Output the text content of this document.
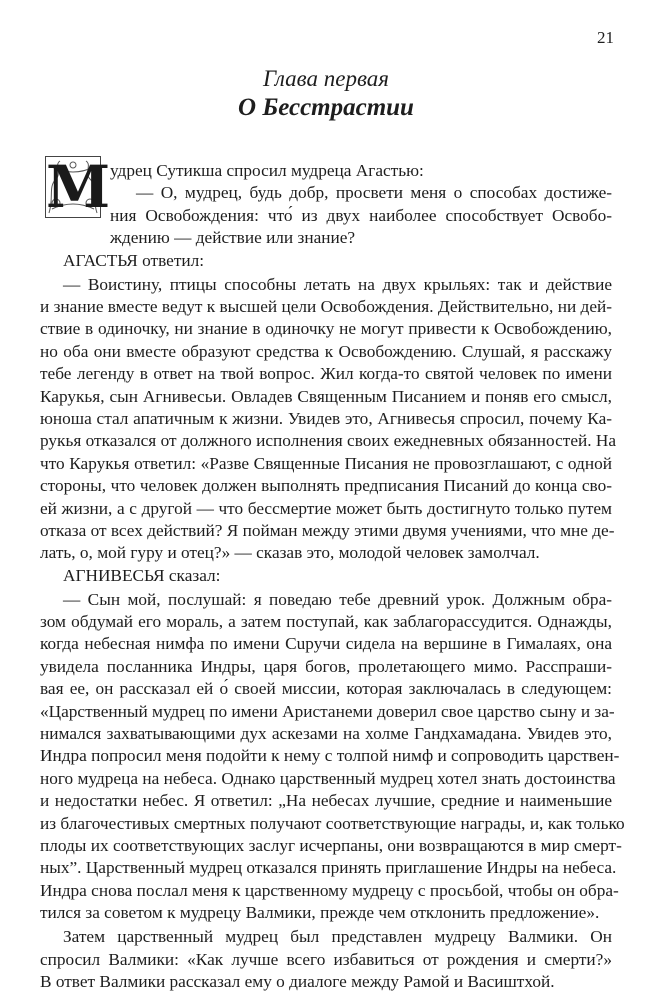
21
Глава первая
О Бесстрастии
М удрец Сутикша спросил мудреца Агастью:
— О, мудрец, будь добр, просвети меня о способах достиже-
ния Освобождения: что́ из двух наиболее способствует Освобо-
ждению — действие или знание?
АГАСТЬЯ ответил:
— Воистину, птицы способны летать на двух крыльях: так и действие
и знание вместе ведут к высшей цели Освобождения. Действительно, ни дей-
ствие в одиночку, ни знание в одиночку не могут привести к Освобождению,
но оба они вместе образуют средства к Освобождению. Слушай, я расскажу
тебе легенду в ответ на твой вопрос. Жил когда-то святой человек по имени
Карукья, сын Агнивесьи. Овладев Священным Писанием и поняв его смысл,
юноша стал апатичным к жизни. Увидев это, Агнивесья спросил, почему Ка-
рукья отказался от должного исполнения своих ежедневных обязанностей. На
что Карукья ответил: «Разве Священные Писания не провозглашают, с одной
стороны, что человек должен выполнять предписания Писаний до конца сво-
ей жизни, а с другой — что бессмертие может быть достигнуто только путем
отказа от всех действий? Я пойман между этими двумя учениями, что мне де-
лать, о, мой гуру и отец?» — сказав это, молодой человек замолчал.
АГНИВЕСЬЯ сказал:
— Сын мой, послушай: я поведаю тебе древний урок. Должным обра-
зом обдумай его мораль, а затем поступай, как заблагорассудится. Однажды,
когда небесная нимфа по имени Сuручи сидела на вершине в Гималаях, она
увидела посланника Индры, царя богов, пролетающего мимо. Расспраши-
вая ее, он рассказал ей о́ своей миссии, которая заключалась в следующем:
«Царственный мудрец по имени Аристанеми доверил свое царство сыну и за-
нимался захватывающими дух аскезами на холме Гандхамадана. Увидев это,
Индра попросил меня подойти к нему с толпой нимф и сопроводить царствен-
ного мудреца на небеса. Однако царственный мудрец хотел знать достоинства
и недостатки небес. Я ответил: „На небесах лучшие, средние и наименьшие
из благочестивых смертных получают соответствующие награды, и, как только
плоды их соответствующих заслуг исчерпаны, они возвращаются в мир смерт-
ных”. Царственный мудрец отказался принять приглашение Индры на небеса.
Индра снова послал меня к царственному мудрецу с просьбой, чтобы он обра-
тился за советом к мудрецу Валмики, прежде чем отклонить предложение».
Затем царственный мудрец был представлен мудрецу Валмики. Он
спросил Валмики: «Как лучше всего избавиться от рождения и смерти?»
В ответ Валмики рассказал ему о диалоге между Рамой и Васиштхой.
